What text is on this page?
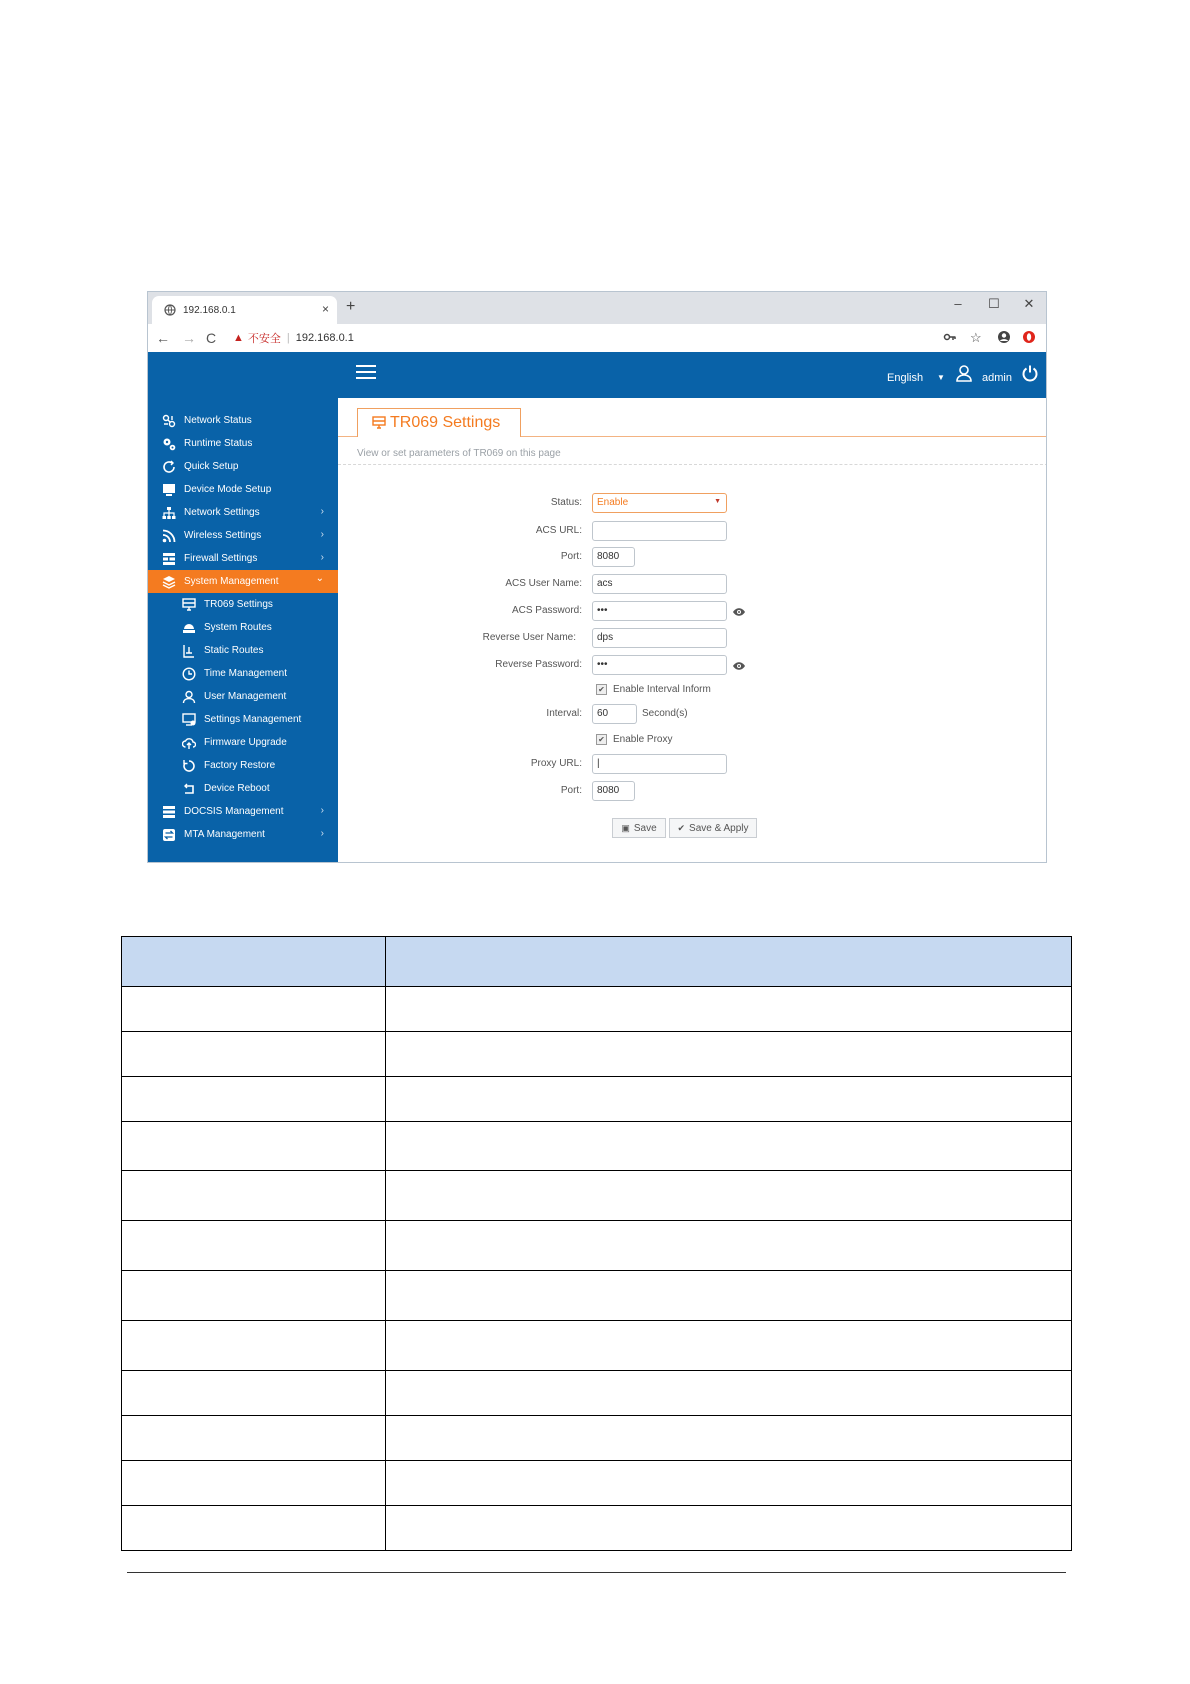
192.168.0.1	× +	–	☐	✕
← → C ▲ 不安全 | 192.168.0.1	☆
English ▼	admin
Network Status
Runtime Status
Quick Setup
Device Mode Setup
Network Settings	›
Wireless Settings	›
Firewall Settings	›
System Management	⌄
TR069 Settings
System Routes
Static Routes
Time Management
User Management
Settings Management
Firmware Upgrade
Factory Restore
Device Reboot
DOCSIS Management	›
MTA Management	›
TR069 Settings
View or set parameters of TR069 on this page
Status:	Enable	▼
ACS URL:
Port:	8080
ACS User Name:	acs
ACS Password:	•••
Reverse User Name:	dps
Reverse Password:	•••
✔ Enable Interval Inform
Interval:	60	Second(s)
✔ Enable Proxy
Proxy URL:	|
Port:	8080
▣ Save ✔ Save & Apply
